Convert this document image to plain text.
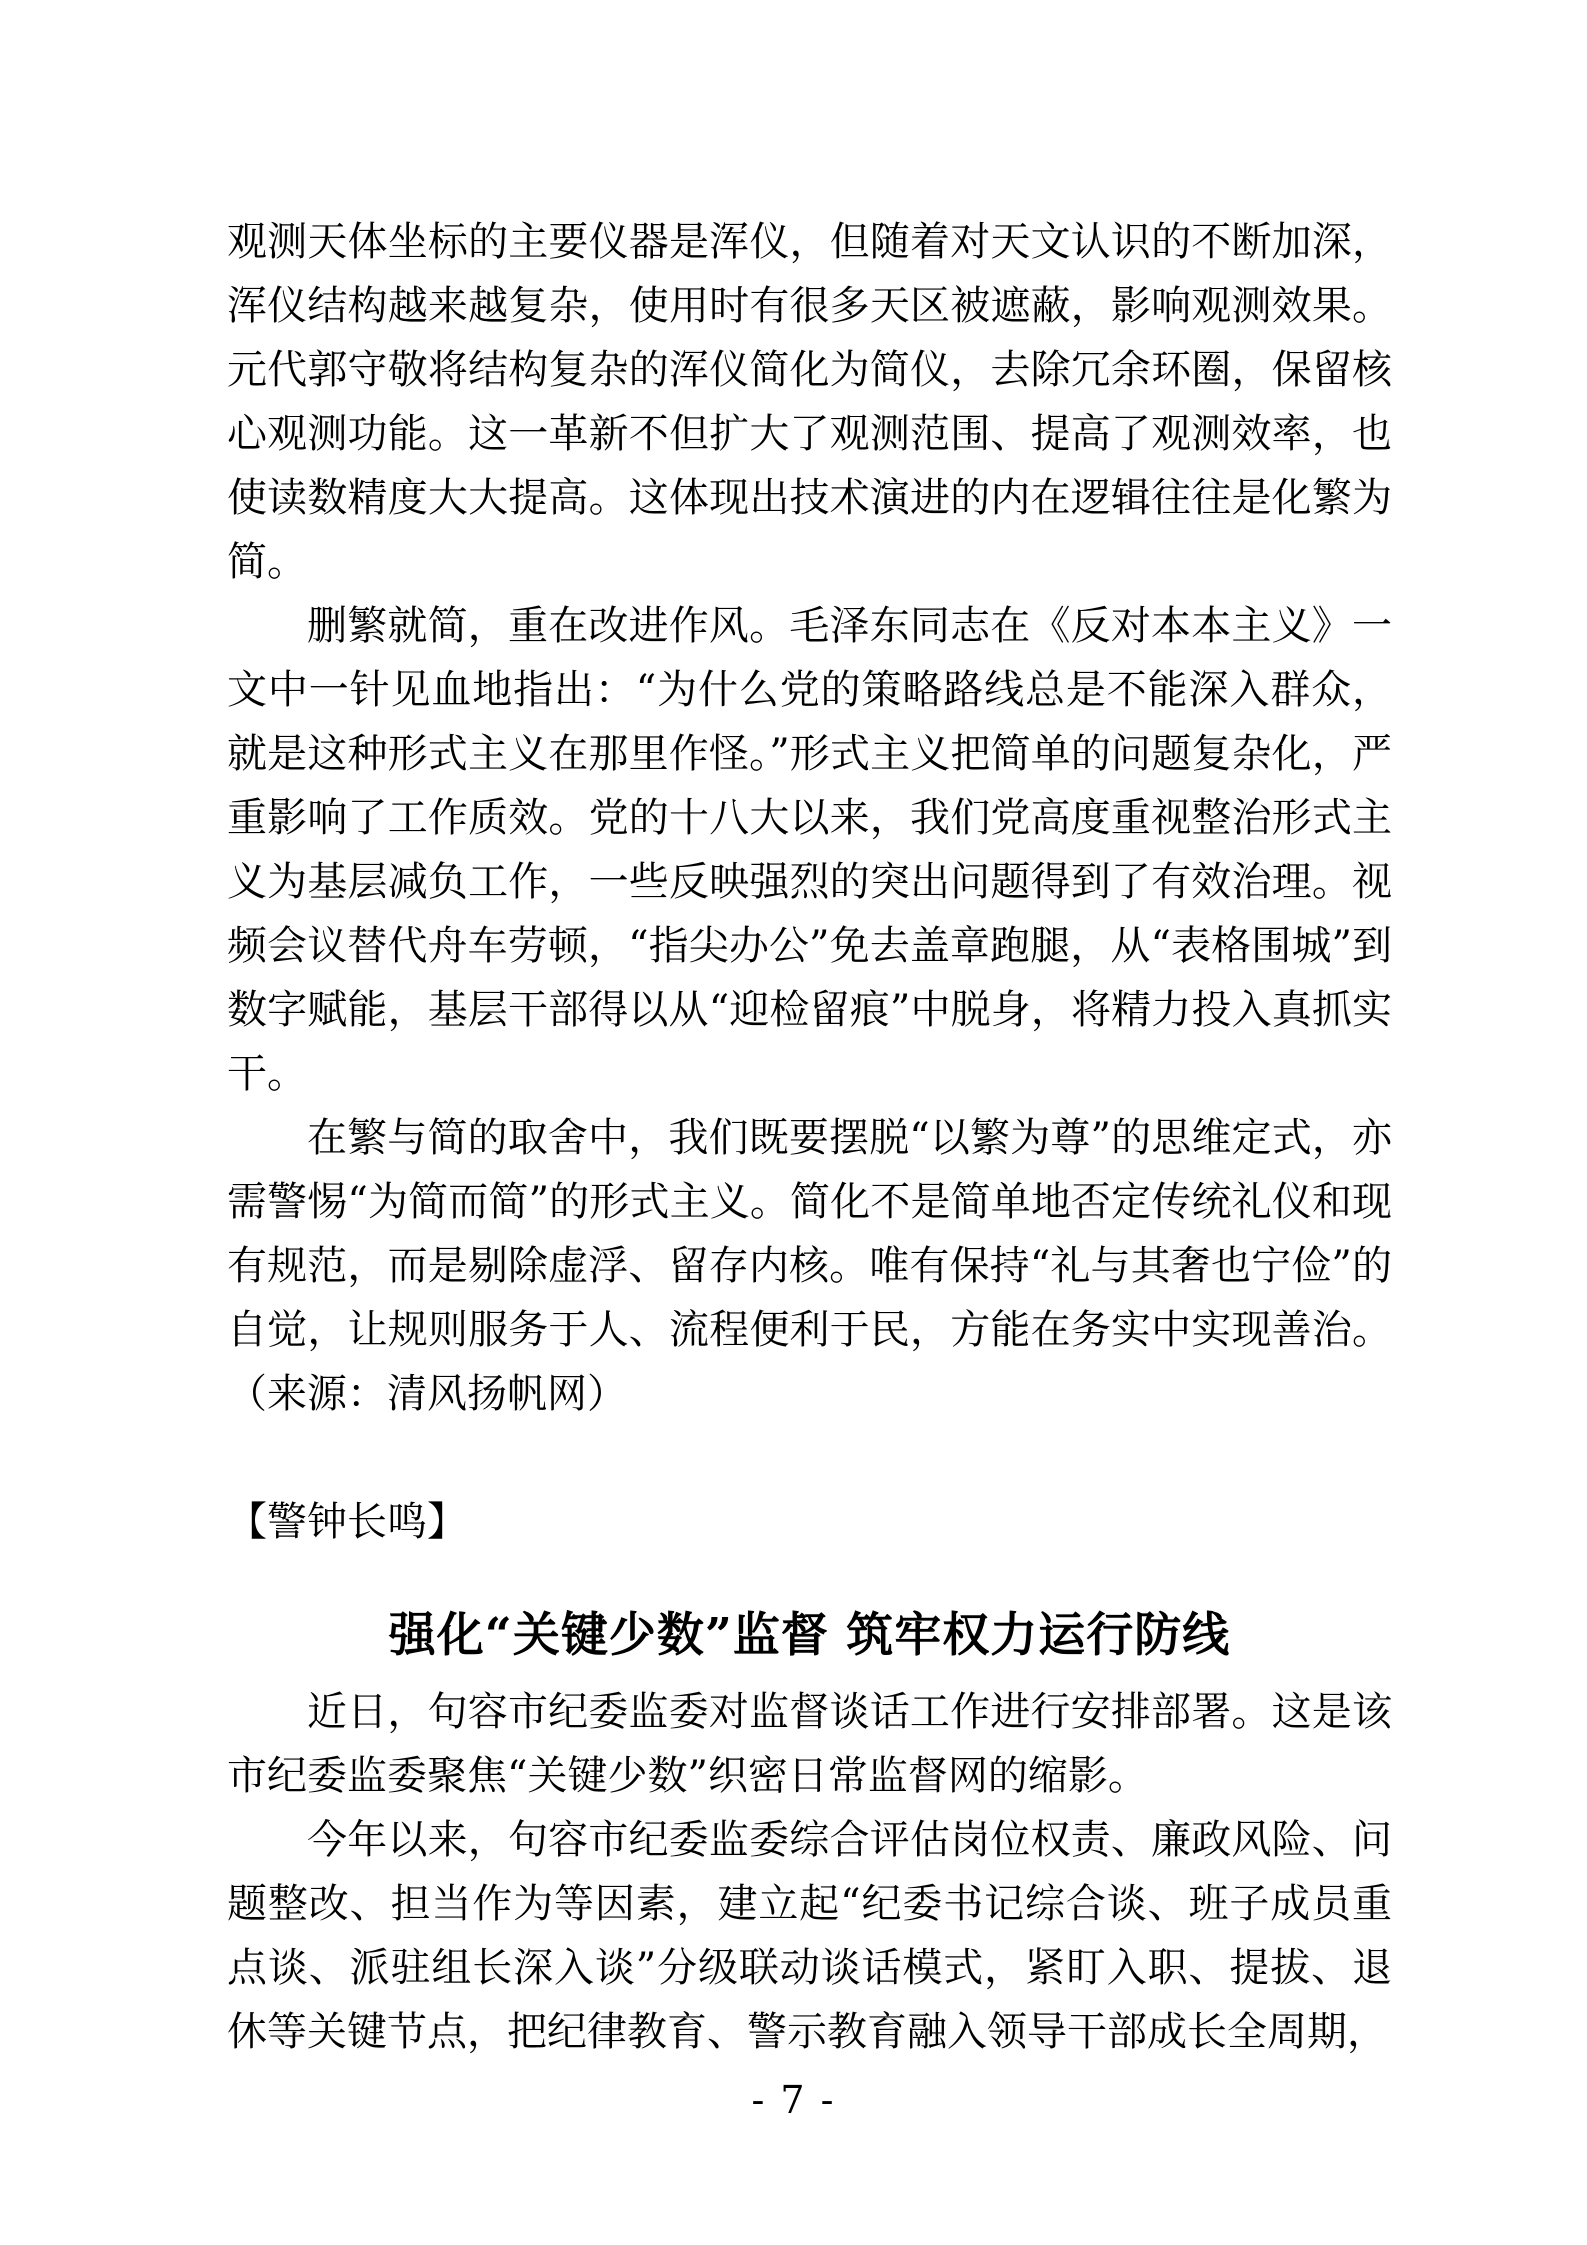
观测天体坐标的主要仪器是浑仪，但随着对天文认识的不断加深，浑仪结构越来越复杂，使用时有很多天区被遮蔽，影响观测效果。元代郭守敬将结构复杂的浑仪简化为简仪，去除冗余环圈，保留核心观测功能。这一革新不但扩大了观测范围、提高了观测效率，也使读数精度大大提高。这体现出技术演进的内在逻辑往往是化繁为简。

删繁就简，重在改进作风。毛泽东同志在《反对本本主义》一文中一针见血地指出：“为什么党的策略路线总是不能深入群众，就是这种形式主义在那里作怪。”形式主义把简单的问题复杂化，严重影响了工作质效。党的十八大以来，我们党高度重视整治形式主义为基层减负工作，一些反映强烈的突出问题得到了有效治理。视频会议替代舟车劳顿，“指尖办公”免去盖章跑腿，从“表格围城”到数字赋能，基层干部得以从“迎检留痕”中脱身，将精力投入真抓实干。

在繁与简的取舍中，我们既要摆脱“以繁为尊”的思维定式，亦需警惕“为简而简”的形式主义。简化不是简单地否定传统礼仪和现有规范，而是剔除虚浮、留存内核。唯有保持“礼与其奢也宁俭”的自觉，让规则服务于人、流程便利于民，方能在务实中实现善治。（来源：清风扬帆网）

【警钟长鸣】
强化“关键少数”监督 筑牢权力运行防线

近日，句容市纪委监委对监督谈话工作进行安排部署。这是该市纪委监委聚焦“关键少数”织密日常监督网的缩影。

今年以来，句容市纪委监委综合评估岗位权责、廉政风险、问题整改、担当作为等因素，建立起“纪委书记综合谈、班子成员重点谈、派驻组长深入谈”分级联动谈话模式，紧盯入职、提拔、退休等关键节点，把纪律教育、警示教育融入领导干部成长全周期，

- 7 -
